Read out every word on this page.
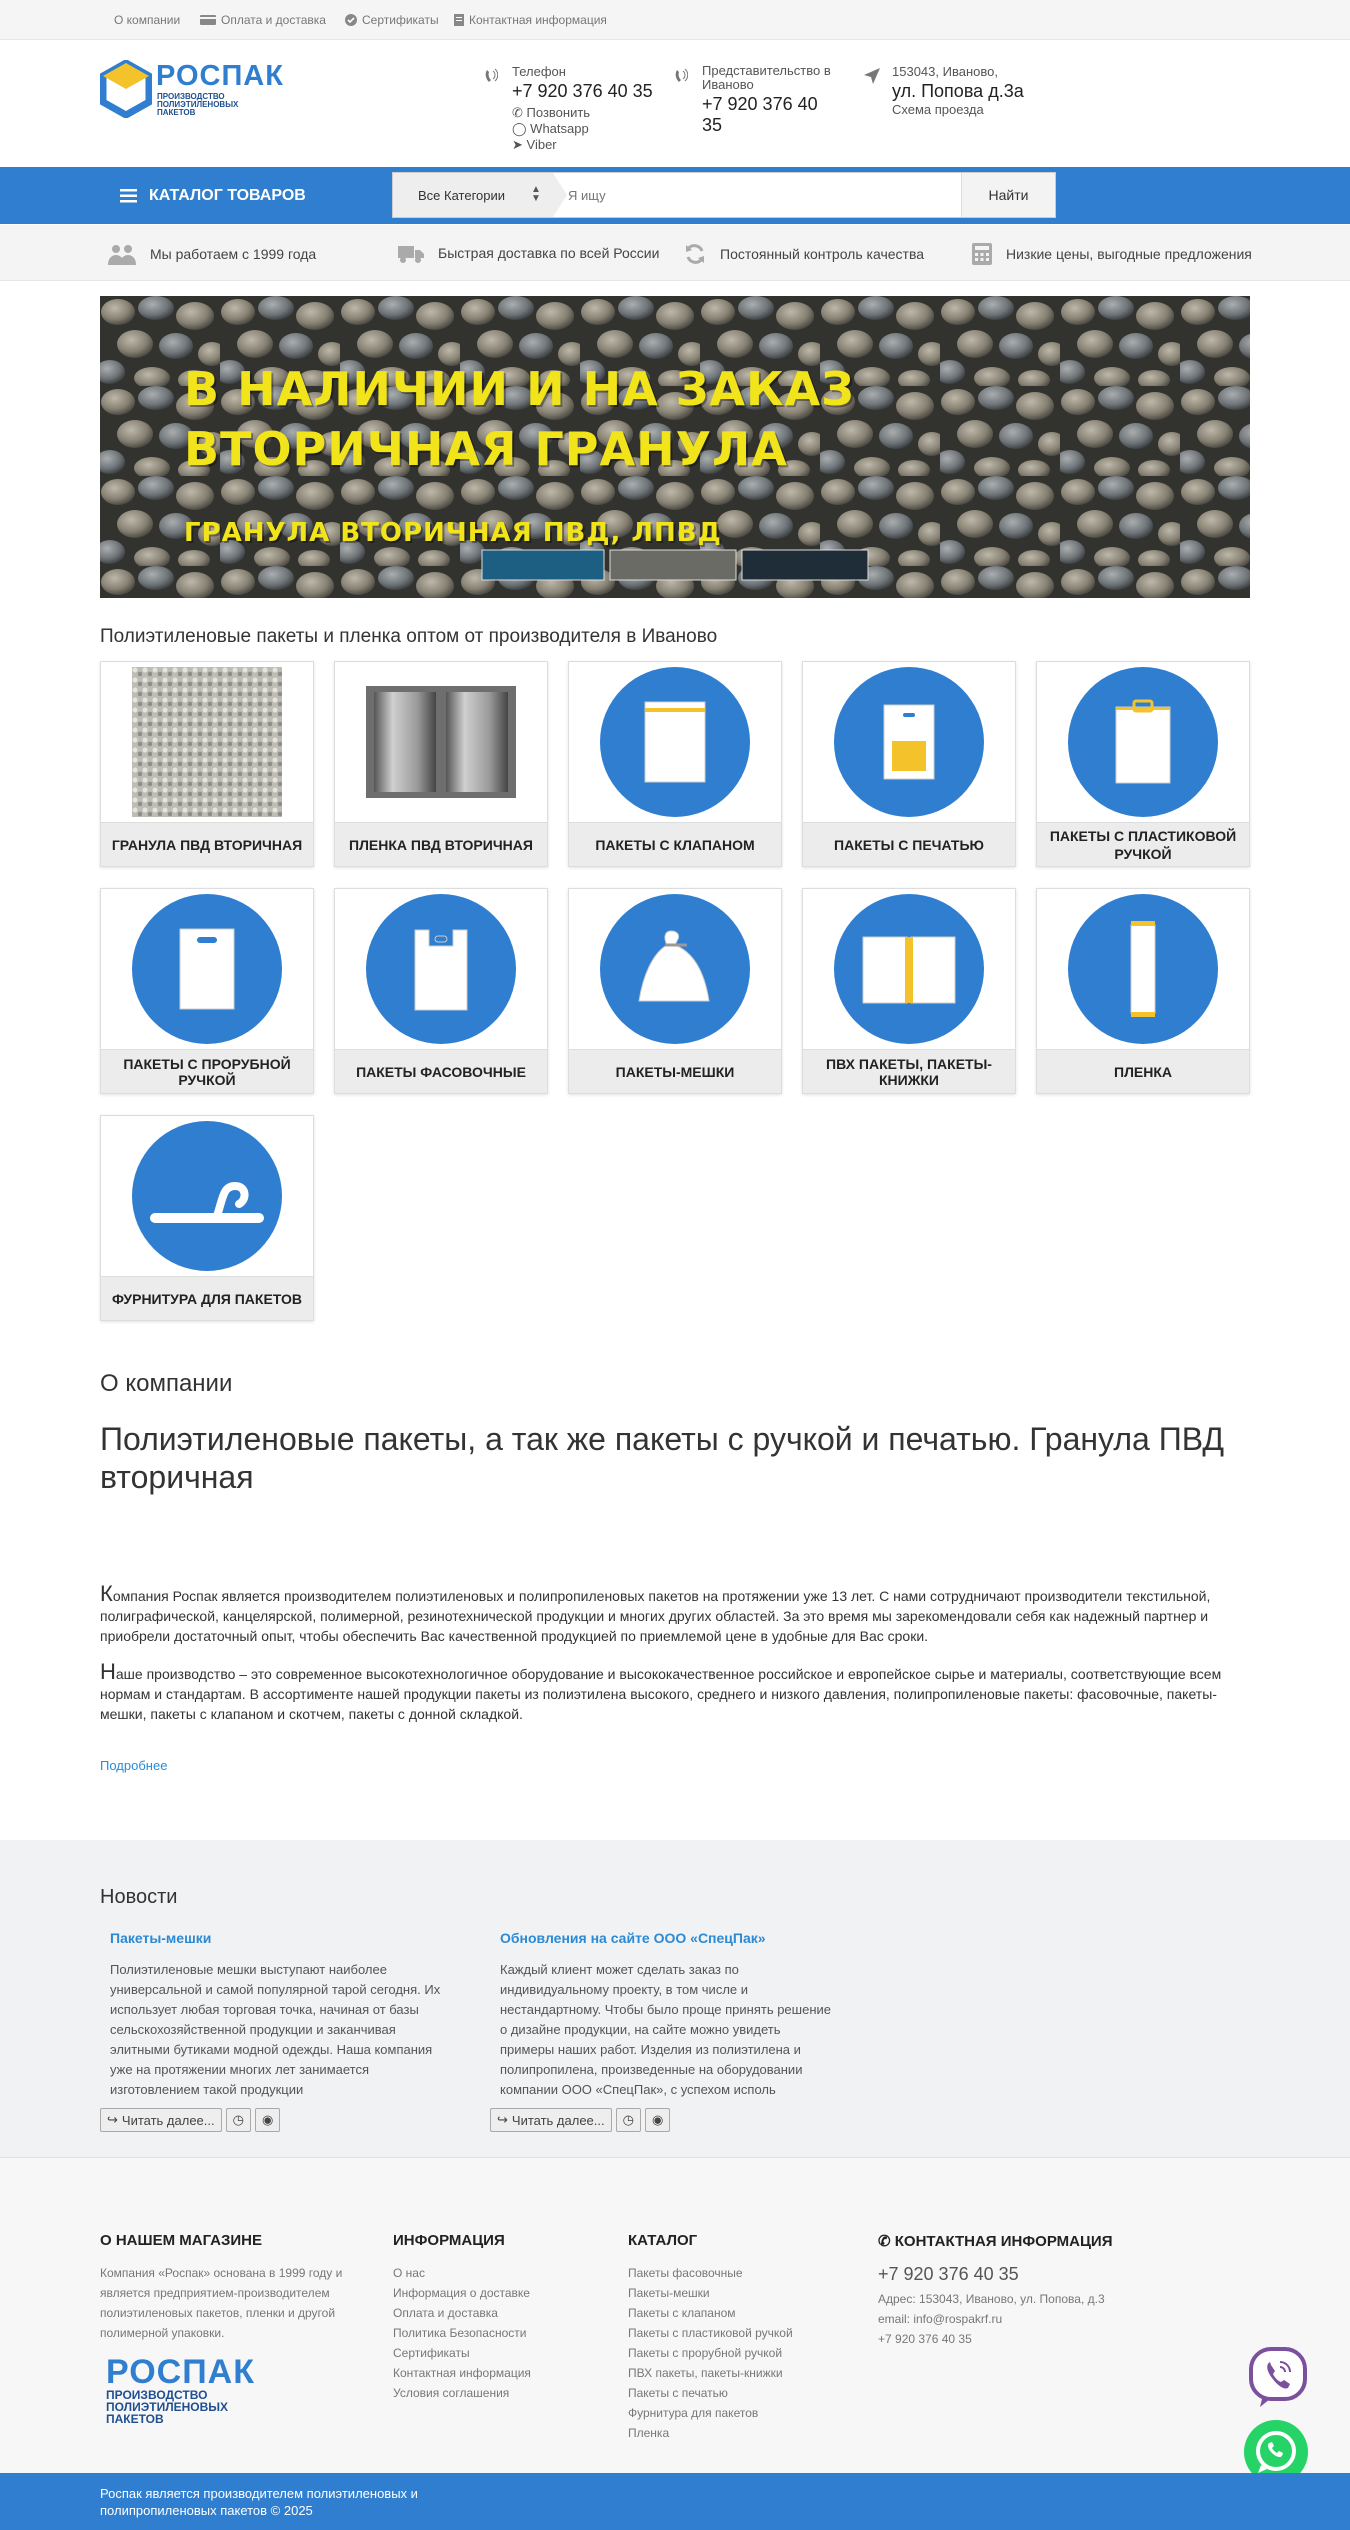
О компании	Оплата и доставка	Сертификаты	Контактная информация
РОСПАК
ПРОИЗВОДСТВО ПОЛИЭТИЛЕНОВЫХ ПАКЕТОВ
Телефон
+7 920 376 40 35
✆ Позвонить
◯ Whatsapp
➤ Viber
Представительство в Иваново
+7 920 376 40 35
153043, Иваново,
ул. Попова д.3а
Схема проезда
КАТАЛОГ ТОВАРОВ	Все Категории	▲
▼
Я ищу	Найти
Мы работаем с 1999 года	Быстрая доставка по всей России	Постоянный контроль качества	Низкие цены, выгодные предложения
В НАЛИЧИИ И НА ЗАКАЗ
ВТОРИЧНАЯ ГРАНУЛА
ГРАНУЛА ВТОРИЧНАЯ ПВД, ЛПВД
Полиэтиленовые пакеты и пленка оптом от производителя в Иваново
ГРАНУЛА ПВД ВТОРИЧНАЯ	ПЛЕНКА ПВД ВТОРИЧНАЯ	ПАКЕТЫ С КЛАПАНОМ	ПАКЕТЫ С ПЕЧАТЬЮ
ПАКЕТЫ С ПЛАСТИКОВОЙ РУЧКОЙ
ПАКЕТЫ С ПРОРУБНОЙ РУЧКОЙ	ПАКЕТЫ ФАСОВОЧНЫЕ	ПАКЕТЫ-МЕШКИ	ПВХ ПАКЕТЫ, ПАКЕТЫ-КНИЖКИ	ПЛЕНКА
ФУРНИТУРА ДЛЯ ПАКЕТОВ
О компании
Полиэтиленовые пакеты, а так же пакеты с ручкой и печатью. Гранула ПВД вторичная
Компания Роспак является производителем полиэтиленовых и полипропиленовых пакетов на протяжении уже 13 лет. С нами сотрудничают производители текстильной, полиграфической, канцелярской, полимерной, резинотехнической продукции и многих других областей. За это время мы зарекомендовали себя как надежный партнер и приобрели достаточный опыт, чтобы обеспечить Вас качественной продукцией по приемлемой цене в удобные для Вас сроки.
Наше производство – это современное высокотехнологичное оборудование и высококачественное российское и европейское сырье и материалы, соответствующие всем нормам и стандартам. В ассортименте нашей продукции пакеты из полиэтилена высокого, среднего и низкого давления, полипропиленовые пакеты: фасовочные, пакеты-мешки, пакеты с клапаном и скотчем, пакеты с донной складкой.
Подробнее
Новости
Пакеты-мешки
Полиэтиленовые мешки выступают наиболее универсальной и самой популярной тарой сегодня. Их использует любая торговая точка, начиная от базы сельскохозяйственной продукции и заканчивая элитными бутиками модной одежды. Наша компания уже на протяжении многих лет занимается изготовлением такой продукции
↪ Читать далее... ◷ ◉
Обновления на сайте ООО «СпецПак»
Каждый клиент может сделать заказ по индивидуальному проекту, в том числе и нестандартному. Чтобы было проще принять решение о дизайне продукции, на сайте можно увидеть примеры наших работ. Изделия из полиэтилена и полипропилена, произведенные на оборудовании компании ООО «СпецПак», с успехом исполь
↪ Читать далее... ◷ ◉
О НАШЕМ МАГАЗИНЕ
Компания «Роспак» основана в 1999 году и является предприятием-производителем полиэтиленовых пакетов, пленки и другой полимерной упаковки.
РОСПАК
ПРОИЗВОДСТВО ПОЛИЭТИЛЕНОВЫХ ПАКЕТОВ
ИНФОРМАЦИЯ
О нас
Информация о доставке
Оплата и доставка
Политика Безопасности
Сертификаты
Контактная информация
Условия соглашения
КАТАЛОГ
Пакеты фасовочные
Пакеты-мешки
Пакеты с клапаном
Пакеты с пластиковой ручкой
Пакеты с прорубной ручкой
ПВХ пакеты, пакеты-книжки
Пакеты с печатью
Фурнитура для пакетов
Пленка
✆ КОНТАКТНАЯ ИНФОРМАЦИЯ
+7 920 376 40 35
Адрес: 153043, Иваново, ул. Попова, д.3
email: info@rospakrf.ru
+7 920 376 40 35
Роспак является производителем полиэтиленовых и полипропиленовых пакетов © 2025
